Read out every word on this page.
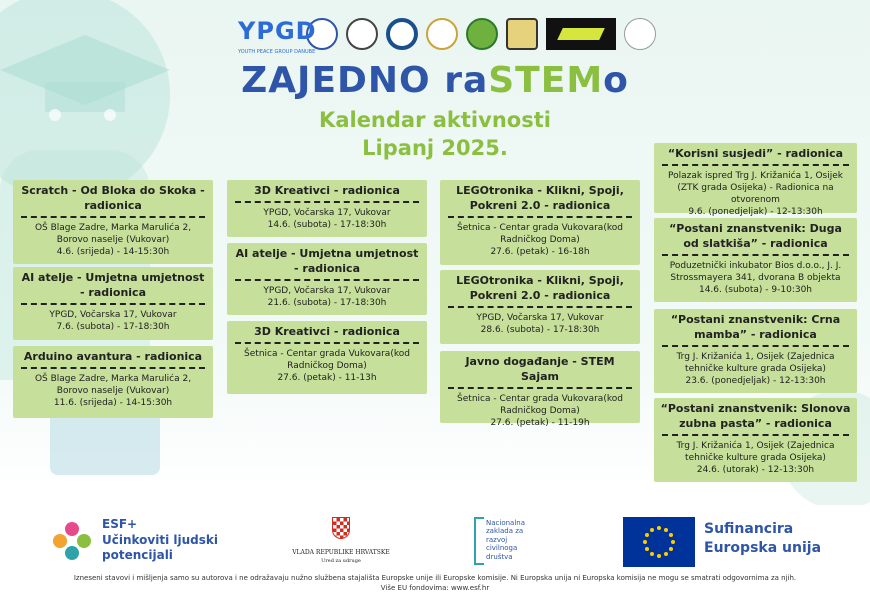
YPGD
YOUTH PEACE GROUP DANUBE
ZAJEDNO raSTEMo
Kalendar aktivnosti
Lipanj 2025.
Scratch - Od Bloka do Skoka - radionica
OŠ Blage Zadre, Marka Marulića 2, Borovo naselje (Vukovar)
4.6. (srijeda) - 14-15:30h
AI atelje - Umjetna umjetnost - radionica
YPGD, Vočarska 17, Vukovar
7.6. (subota) - 17-18:30h
Arduino avantura - radionica
OŠ Blage Zadre, Marka Marulića 2, Borovo naselje (Vukovar)
11.6. (srijeda) - 14-15:30h
3D Kreativci - radionica
YPGD, Vočarska 17, Vukovar
14.6. (subota) - 17-18:30h
AI atelje - Umjetna umjetnost - radionica
YPGD, Vočarska 17, Vukovar
21.6. (subota) - 17-18:30h
3D Kreativci - radionica
Šetnica - Centar grada Vukovara(kod Radničkog Doma)
27.6. (petak) - 11-13h
LEGOtronika - Klikni, Spoji, Pokreni 2.0 - radionica
Šetnica - Centar grada Vukovara(kod Radničkog Doma)
27.6. (petak) - 16-18h
LEGOtronika - Klikni, Spoji, Pokreni 2.0 - radionica
YPGD, Vočarska 17, Vukovar
28.6. (subota) - 17-18:30h
Javno događanje - STEM Sajam
Šetnica - Centar grada Vukovara(kod Radničkog Doma)
27.6. (petak) - 11-19h
“Korisni susjedi” - radionica
Polazak ispred Trg J. Križanića 1, Osijek (ZTK grada Osijeka) - Radionica na otvorenom
9.6. (ponedjeljak) - 12-13:30h
“Postani znanstvenik: Duga od slatkiša” - radionica
Poduzetnički inkubator Bios d.o.o., J. J. Strossmayera 341, dvorana B objekta
14.6. (subota) - 9-10:30h
“Postani znanstvenik: Crna mamba” - radionica
Trg J. Križanića 1, Osijek (Zajednica tehničke kulture grada Osijeka)
23.6. (ponedjeljak) - 12-13:30h
“Postani znanstvenik: Slonova zubna pasta” - radionica
Trg J. Križanića 1, Osijek (Zajednica tehničke kulture grada Osijeka)
24.6. (utorak) - 12-13:30h
ESF+
Učinkoviti ljudski
potencijali	VLADA REPUBLIKE HRVATSKE
Ured za udruge
Nacionalna
zaklada za
razvoj
civilnoga
društva
Sufinancira
Europska unija
Izneseni stavovi i mišljenja samo su autorova i ne odražavaju nužno službena stajališta Europske unije ili Europske komisije. Ni Europska unija ni Europska komisija ne mogu se smatrati odgovornima za njih.
Više EU fondovima: www.esf.hr
